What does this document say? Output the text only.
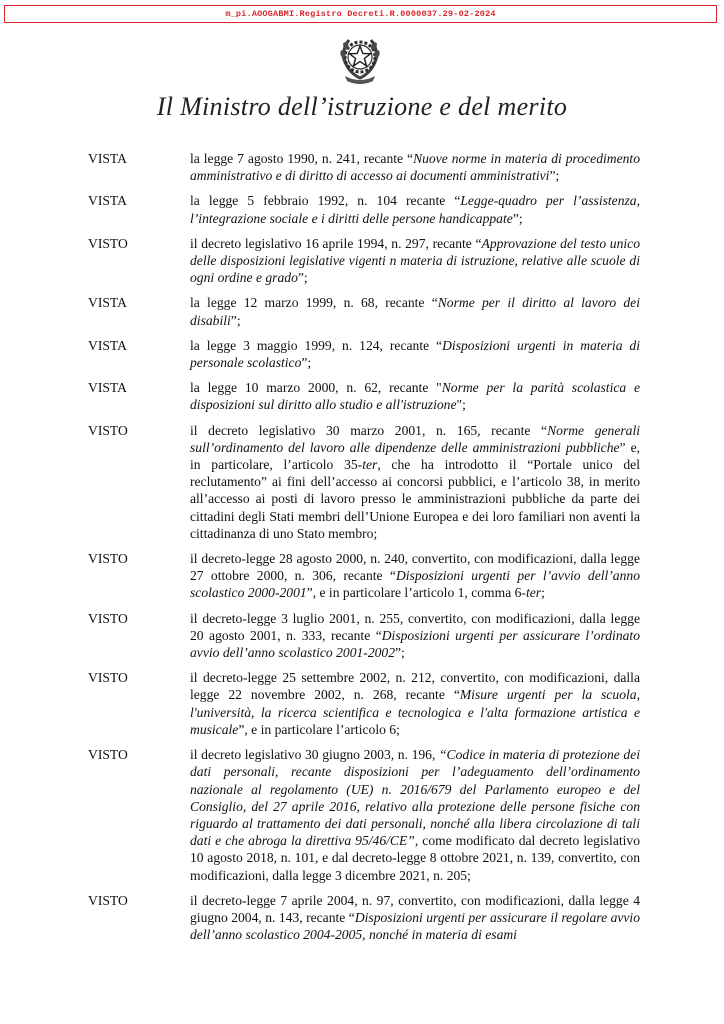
m_pi.AOOGABMI.Registro Decreti.R.0000037.29-02-2024
Il Ministro dell’istruzione e del merito
VISTA	la legge 7 agosto 1990, n. 241, recante “Nuove norme in materia di procedimento amministrativo e di diritto di accesso ai documenti amministrativi”;
VISTA	la legge 5 febbraio 1992, n. 104 recante “Legge-quadro per l’assistenza, l’integrazione sociale e i diritti delle persone handicappate”;
VISTO	il decreto legislativo 16 aprile 1994, n. 297, recante “Approvazione del testo unico delle disposizioni legislative vigenti n materia di istruzione, relative alle scuole di ogni ordine e grado”;
VISTA	la legge 12 marzo 1999, n. 68, recante “Norme per il diritto al lavoro dei disabili”;
VISTA	la legge 3 maggio 1999, n. 124, recante “Disposizioni urgenti in materia di personale scolastico”;
VISTA	la legge 10 marzo 2000, n. 62, recante "Norme per la parità scolastica e disposizioni sul diritto allo studio e all'istruzione";
VISTO	il decreto legislativo 30 marzo 2001, n. 165, recante “Norme generali sull’ordinamento del lavoro alle dipendenze delle amministrazioni pubbliche” e, in particolare, l’articolo 35-ter, che ha introdotto il “Portale unico del reclutamento” ai fini dell’accesso ai concorsi pubblici, e l’articolo 38, in merito all’accesso ai posti di lavoro presso le amministrazioni pubbliche da parte dei cittadini degli Stati membri dell’Unione Europea e dei loro familiari non aventi la cittadinanza di uno Stato membro;
VISTO	il decreto-legge 28 agosto 2000, n. 240, convertito, con modificazioni, dalla legge 27 ottobre 2000, n. 306, recante “Disposizioni urgenti per l’avvio dell’anno scolastico 2000-2001”, e in particolare l’articolo 1, comma 6-ter;
VISTO	il decreto-legge 3 luglio 2001, n. 255, convertito, con modificazioni, dalla legge 20 agosto 2001, n. 333, recante “Disposizioni urgenti per assicurare l’ordinato avvio dell’anno scolastico 2001-2002”;
VISTO	il decreto-legge 25 settembre 2002, n. 212, convertito, con modificazioni, dalla legge 22 novembre 2002, n. 268, recante “Misure urgenti per la scuola, l'università, la ricerca scientifica e tecnologica e l'alta formazione artistica e musicale”, e in particolare l’articolo 6;
VISTO	il decreto legislativo 30 giugno 2003, n. 196, “Codice in materia di protezione dei dati personali, recante disposizioni per l’adeguamento dell’ordinamento nazionale al regolamento (UE) n. 2016/679 del Parlamento europeo e del Consiglio, del 27 aprile 2016, relativo alla protezione delle persone fisiche con riguardo al trattamento dei dati personali, nonché alla libera circolazione di tali dati e che abroga la direttiva 95/46/CE”, come modificato dal decreto legislativo 10 agosto 2018, n. 101, e dal decreto-legge 8 ottobre 2021, n. 139, convertito, con modificazioni, dalla legge 3 dicembre 2021, n. 205;
VISTO	il decreto-legge 7 aprile 2004, n. 97, convertito, con modificazioni, dalla legge 4 giugno 2004, n. 143, recante “Disposizioni urgenti per assicurare il regolare avvio dell’anno scolastico 2004-2005, nonché in materia di esami
